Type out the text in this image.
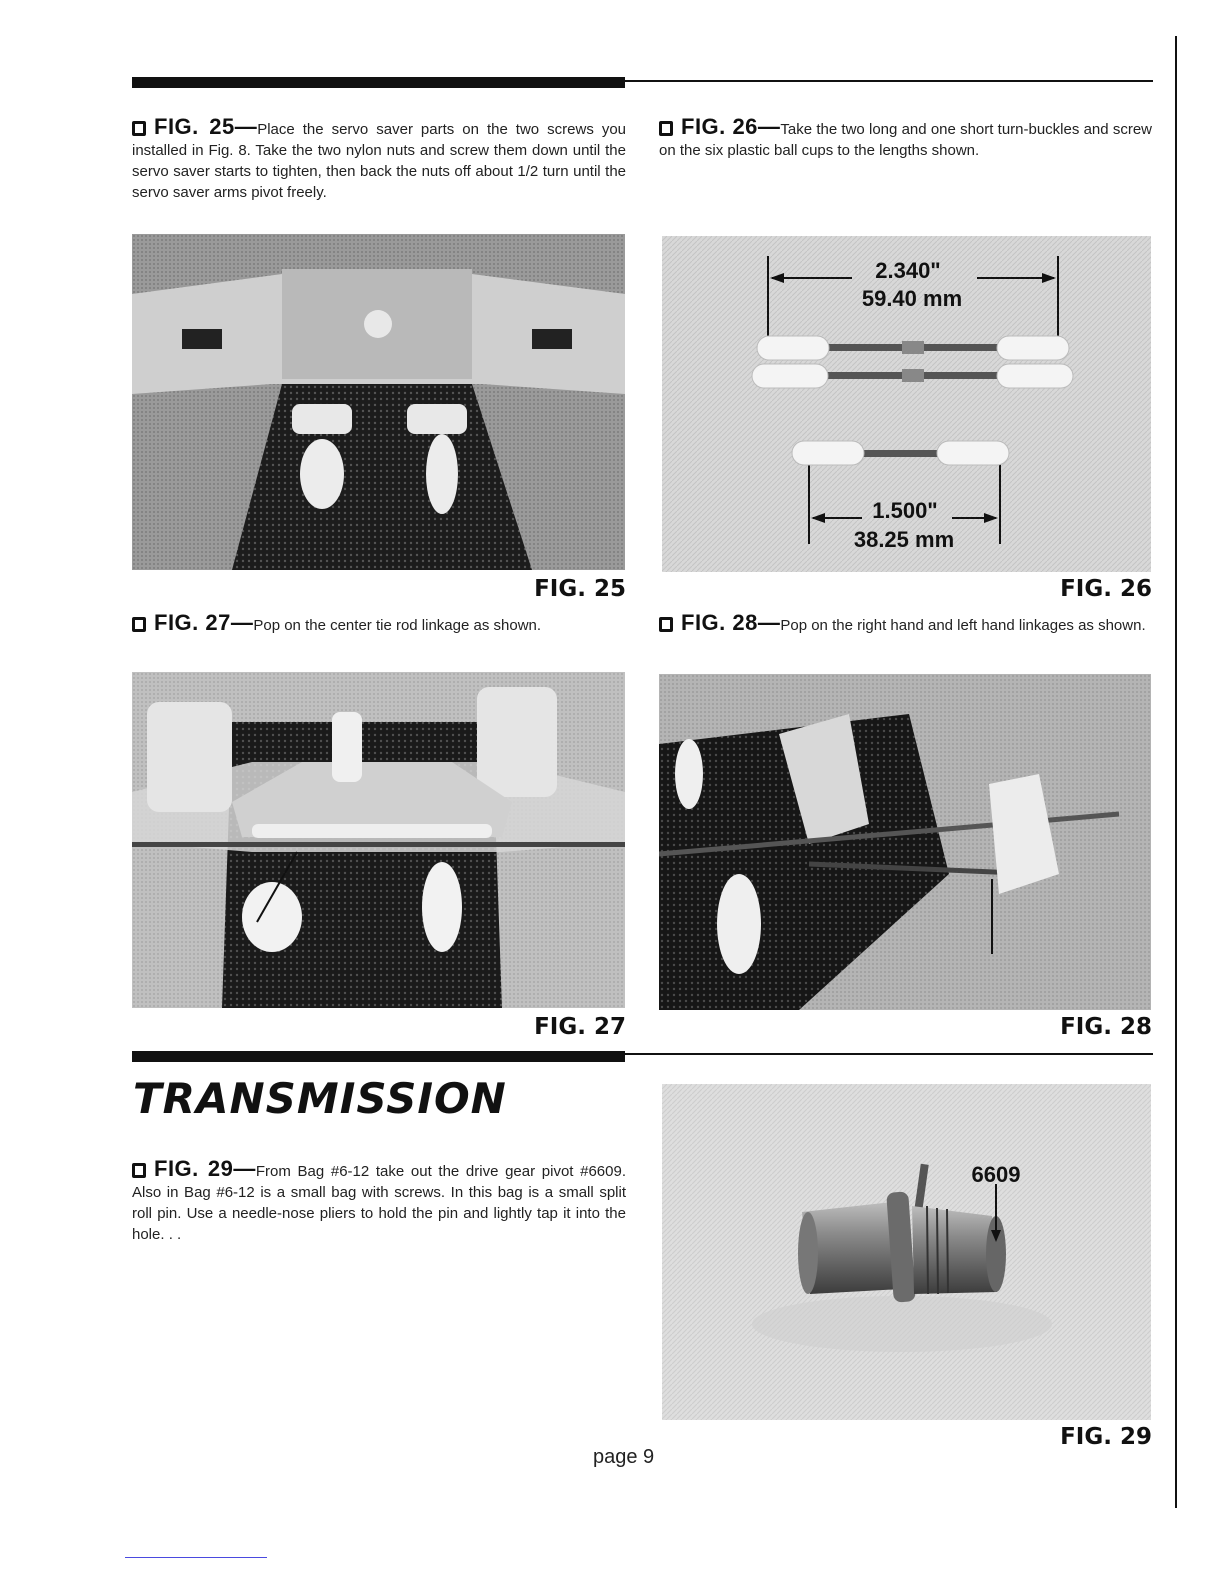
FIG. 25—Place the servo saver parts on the two screws you installed in Fig. 8. Take the two nylon nuts and screw them down until the servo saver starts to tighten, then back the nuts off about 1/2 turn until the servo saver arms pivot freely.
FIG. 25
FIG. 26—Take the two long and one short turn-buckles and screw on the six plastic ball cups to the lengths shown.
2.340"
59.40 mm
1.500"
38.25 mm
FIG. 26
FIG. 27—Pop on the center tie rod linkage as shown.
FIG. 27
FIG. 28—Pop on the right hand and left hand linkages as shown.
FIG. 28
TRANSMISSION
FIG. 29—From Bag #6-12 take out the drive gear pivot #6609. Also in Bag #6-12 is a small bag with screws. In this bag is a small split roll pin. Use a needle-nose pliers to hold the pin and lightly tap it into the hole. . .
6609
FIG. 29
page 9
